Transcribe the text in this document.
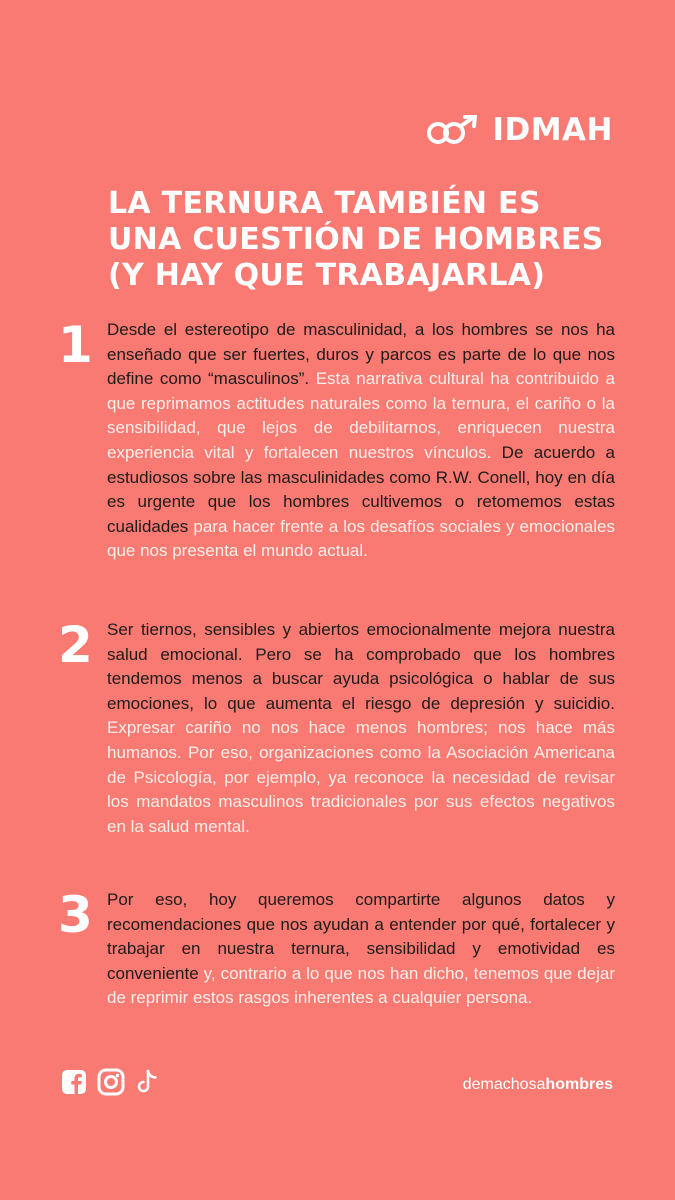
IDMAH
LA TERNURA TAMBIÉN ES
UNA CUESTIÓN DE HOMBRES
(Y HAY QUE TRABAJARLA)
1 Desde el estereotipo de masculinidad, a los hombres se nos ha enseñado que ser fuertes, duros y parcos es parte de lo que nos define como “masculinos”. Esta narrativa cultural ha contribuido a que reprimamos actitudes naturales como la ternura, el cariño o la sensibilidad, que lejos de debilitarnos, enriquecen nuestra experiencia vital y fortalecen nuestros vínculos. De acuerdo a estudiosos sobre las masculinidades como R.W. Conell, hoy en día es urgente que los hombres cultivemos o retomemos estas cualidades para hacer frente a los desafíos sociales y emocionales que nos presenta el mundo actual.

2 Ser tiernos, sensibles y abiertos emocionalmente mejora nuestra salud emocional. Pero se ha comprobado que los hombres tendemos menos a buscar ayuda psicológica o hablar de sus emociones, lo que aumenta el riesgo de depresión y suicidio. Expresar cariño no nos hace menos hombres; nos hace más humanos. Por eso, organizaciones como la Asociación Americana de Psicología, por ejemplo, ya reconoce la necesidad de revisar los mandatos masculinos tradicionales por sus efectos negativos en la salud mental.

3 Por eso, hoy queremos compartirte algunos datos y recomendaciones que nos ayudan a entender por qué, fortalecer y trabajar en nuestra ternura, sensibilidad y emotividad es conveniente y, contrario a lo que nos han dicho, tenemos que dejar de reprimir estos rasgos inherentes a cualquier persona.

demachosahombres
